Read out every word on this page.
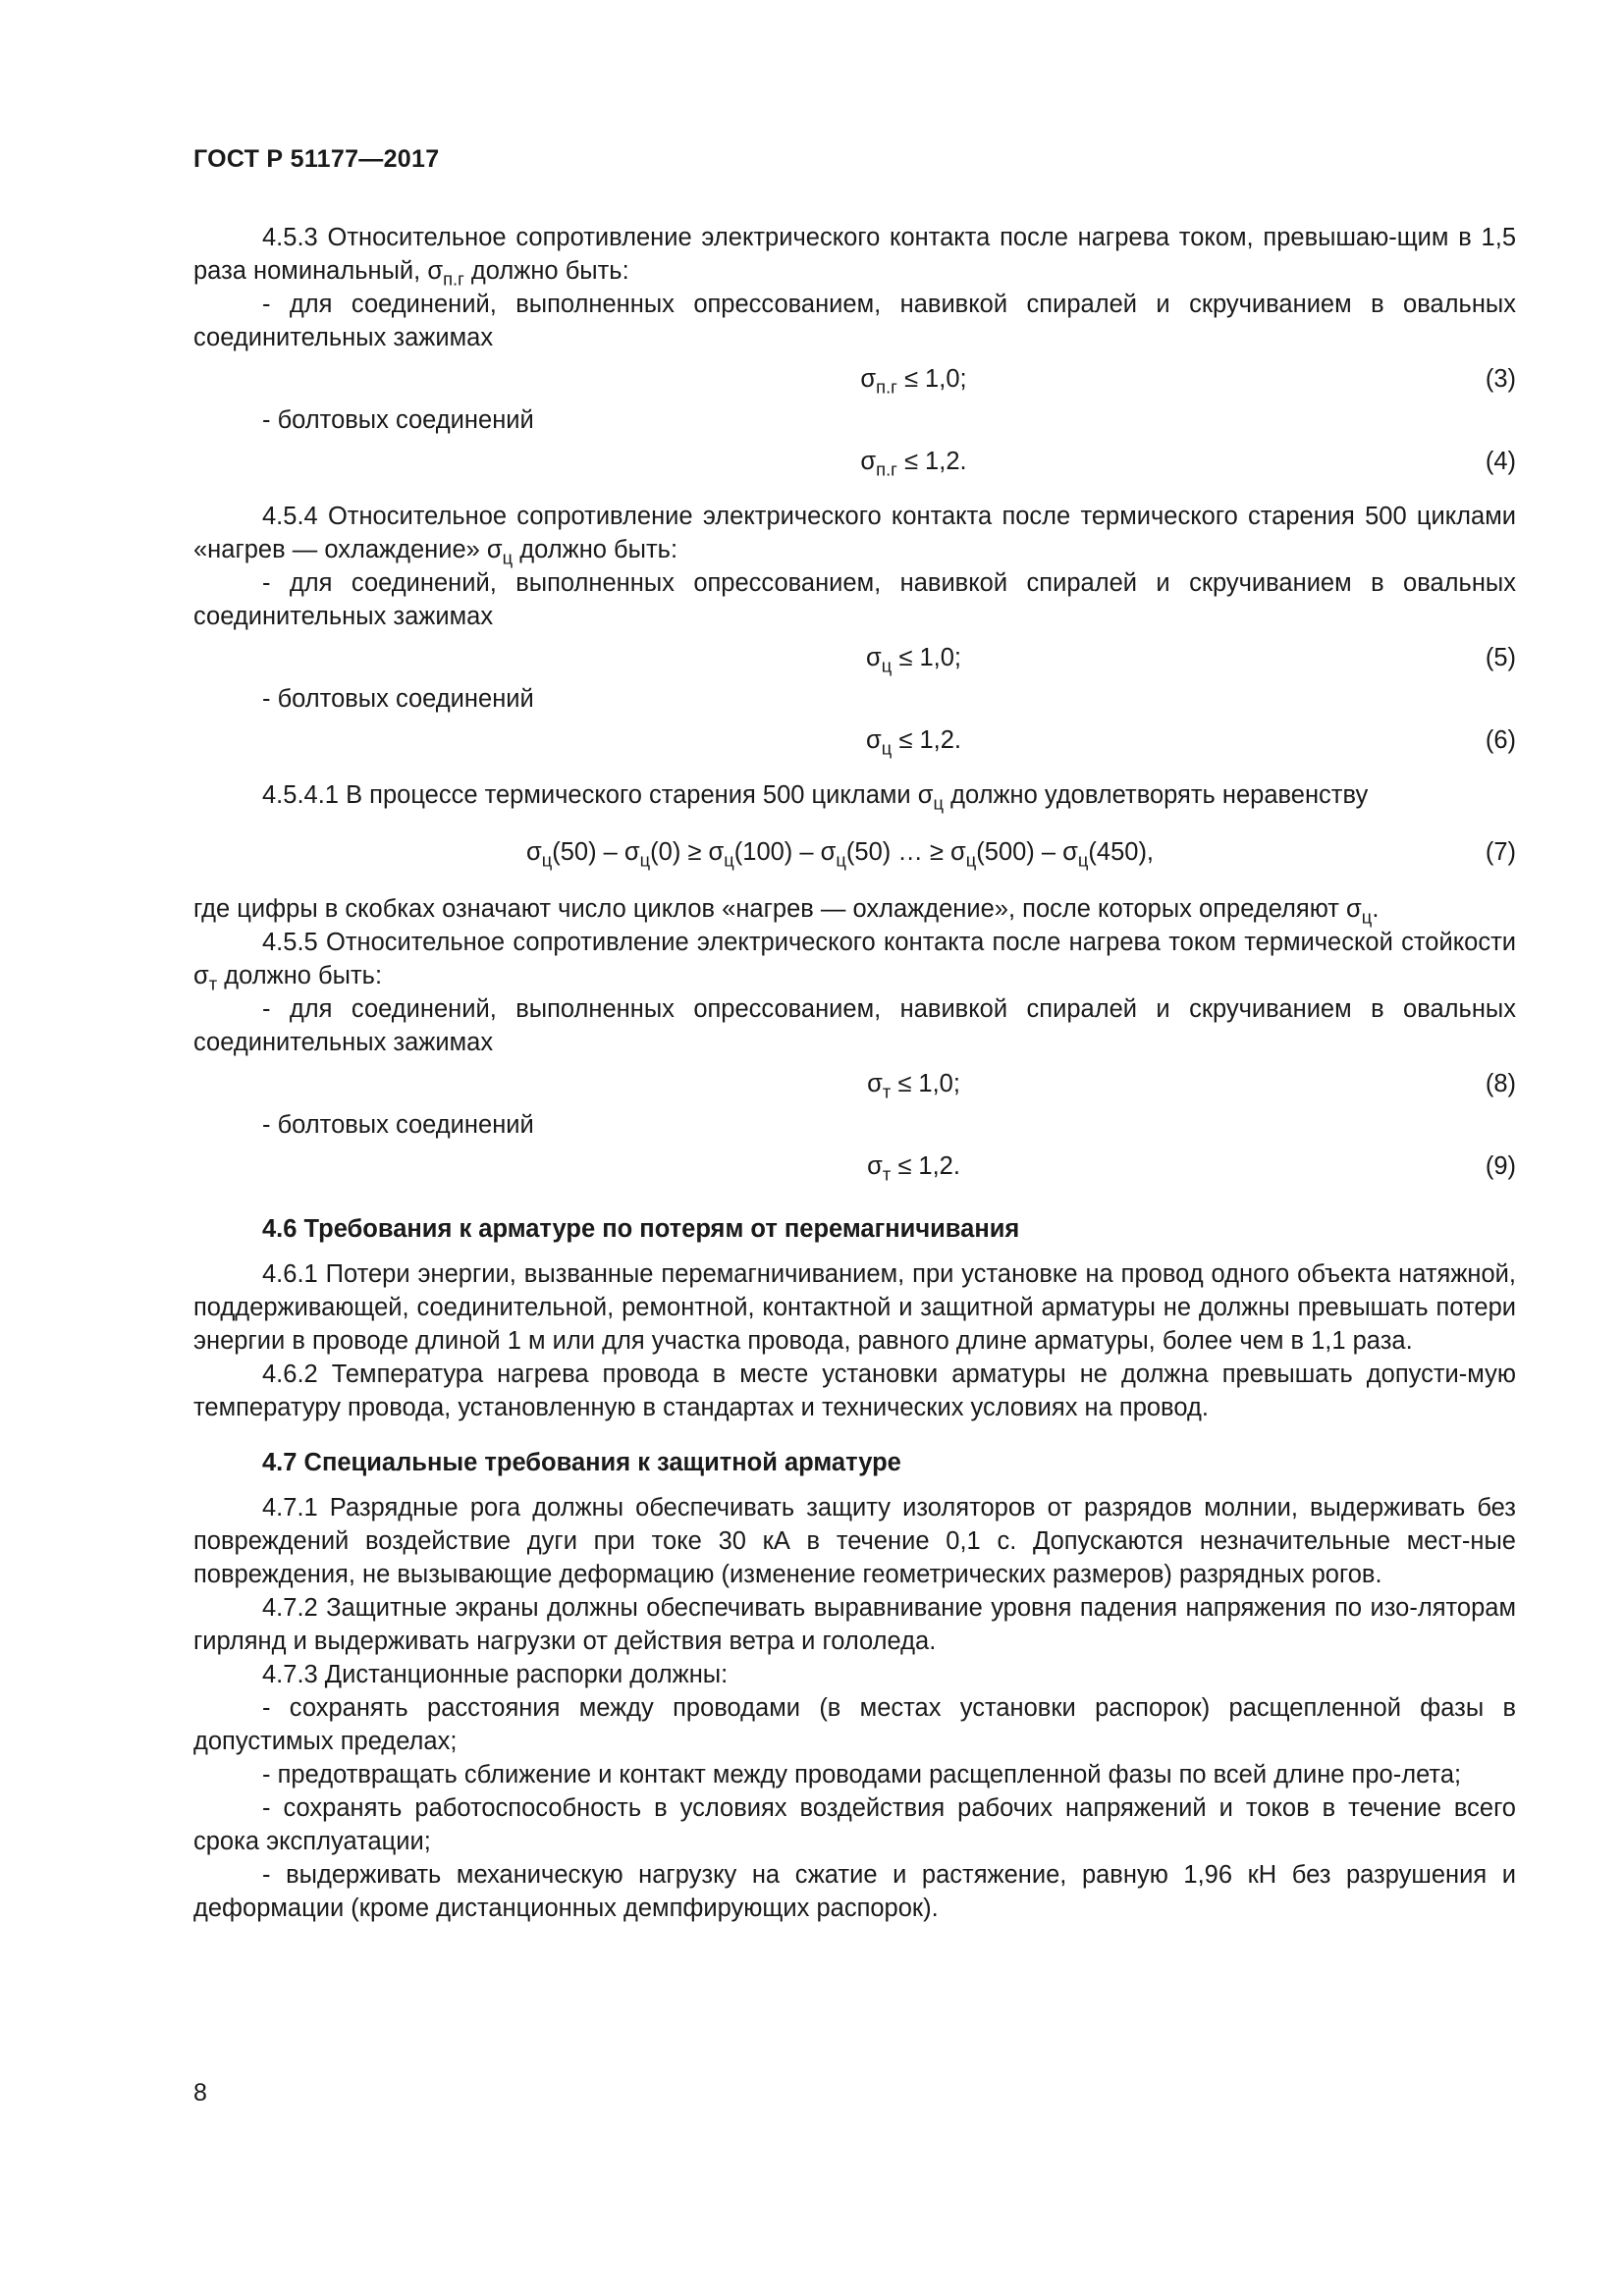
ГОСТ Р 51177—2017

4.5.3 Относительное сопротивление электрического контакта после нагрева током, превышаю-щим в 1,5 раза номинальный, $\sigma_{п.г}$ должно быть:

- для соединений, выполненных опрессованием, навивкой спиралей и скручиванием в овальных соединительных зажимах

$\sigma_{п.г} \le 1,0$;	(3)

- болтовых соединений

$\sigma_{п.г} \le 1,2$.	(4)

4.5.4 Относительное сопротивление электрического контакта после термического старения 500 циклами «нагрев — охлаждение» $\sigma_ц$ должно быть:

- для соединений, выполненных опрессованием, навивкой спиралей и скручиванием в овальных соединительных зажимах

$\sigma_ц \le 1,0$;	(5)

- болтовых соединений

$\sigma_ц \le 1,2$.	(6)

4.5.4.1 В процессе термического старения 500 циклами $\sigma_ц$ должно удовлетворять неравенству

$\sigma_ц(50) - \sigma_ц(0) \ge \sigma_ц(100) - \sigma_ц(50)$ … ≥ $\sigma_ц(500) - \sigma_ц(450)$,	(7)

где цифры в скобках означают число циклов «нагрев — охлаждение», после которых определяют $\sigma_ц$.

4.5.5 Относительное сопротивление электрического контакта после нагрева током термической стойкости $\sigma_т$ должно быть:

- для соединений, выполненных опрессованием, навивкой спиралей и скручиванием в овальных соединительных зажимах

$\sigma_т \le 1,0$;	(8)

- болтовых соединений

$\sigma_т \le 1,2$.	(9)

4.6 Требования к арматуре по потерям от перемагничивания

4.6.1 Потери энергии, вызванные перемагничиванием, при установке на провод одного объекта натяжной, поддерживающей, соединительной, ремонтной, контактной и защитной арматуры не должны превышать потери энергии в проводе длиной 1 м или для участка провода, равного длине арматуры, более чем в 1,1 раза.

4.6.2 Температура нагрева провода в месте установки арматуры не должна превышать допусти-мую температуру провода, установленную в стандартах и технических условиях на провод.

4.7 Специальные требования к защитной арматуре

4.7.1 Разрядные рога должны обеспечивать защиту изоляторов от разрядов молнии, выдерживать без повреждений воздействие дуги при токе 30 кА в течение 0,1 с. Допускаются незначительные мест-ные повреждения, не вызывающие деформацию (изменение геометрических размеров) разрядных рогов.

4.7.2 Защитные экраны должны обеспечивать выравнивание уровня падения напряжения по изо-ляторам гирлянд и выдерживать нагрузки от действия ветра и гололеда.

4.7.3 Дистанционные распорки должны:

- сохранять расстояния между проводами (в местах установки распорок) расщепленной фазы в допустимых пределах;

- предотвращать сближение и контакт между проводами расщепленной фазы по всей длине про-лета;

- сохранять работоспособность в условиях воздействия рабочих напряжений и токов в течение всего срока эксплуатации;

- выдерживать механическую нагрузку на сжатие и растяжение, равную 1,96 кН без разрушения и деформации (кроме дистанционных демпфирующих распорок).

8
